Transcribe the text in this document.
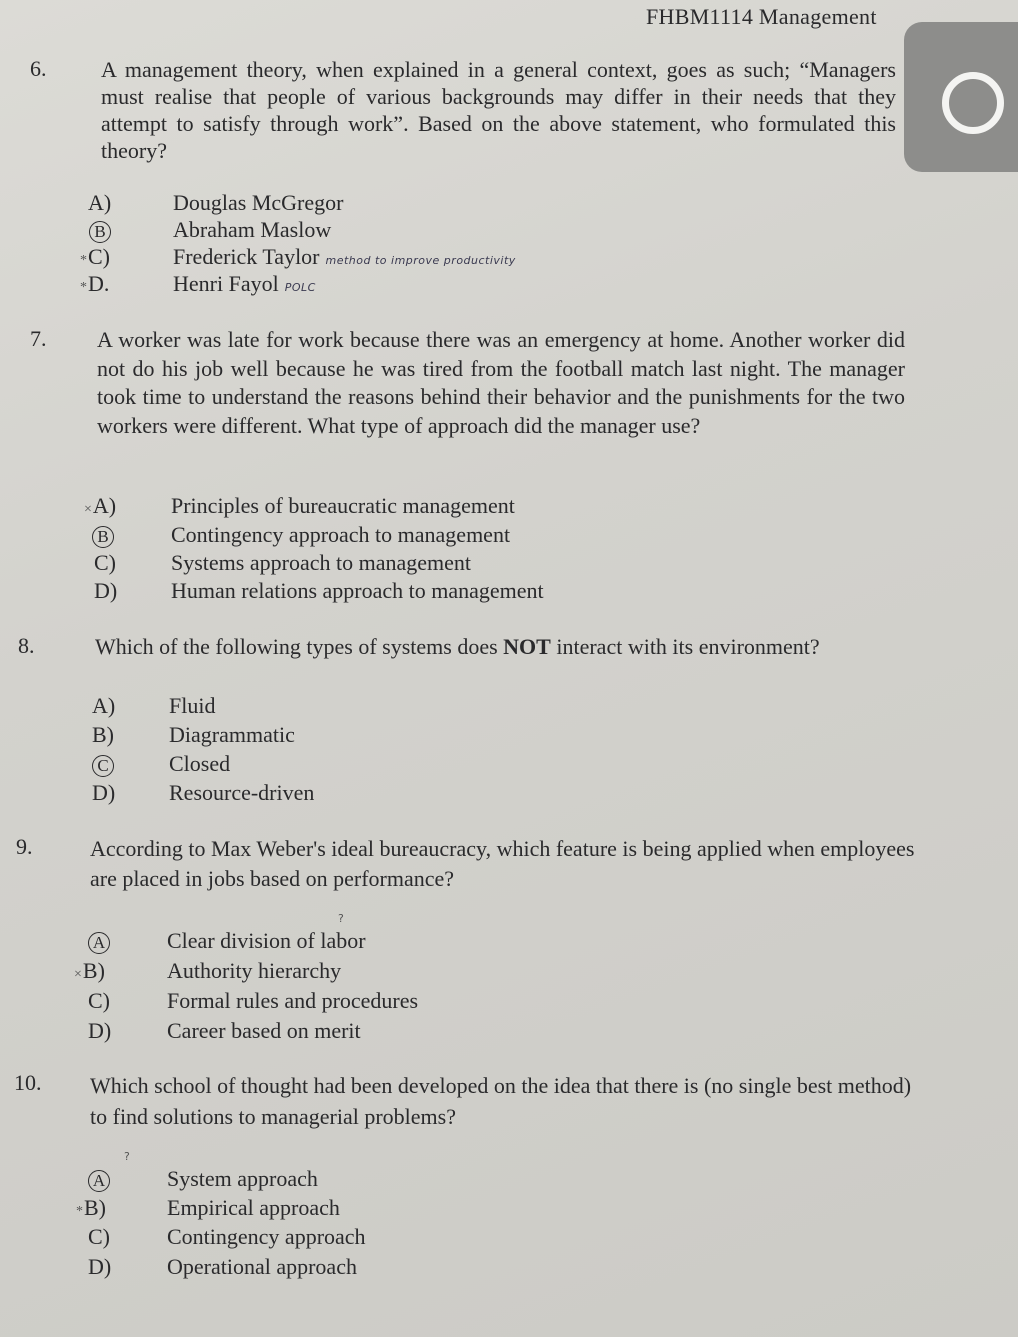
FHBM1114 Management
6. A management theory, when explained in a general context, goes as such; “Managers must realise that people of various backgrounds may differ in their needs that they attempt to satisfy through work”. Based on the above statement, who formulated this theory?
A)	Douglas McGregor
B	Abraham Maslow
*C)	Frederick Taylor method to improve productivity
*D.	Henri Fayol POLC
7. A worker was late for work because there was an emergency at home. Another worker did not do his job well because he was tired from the football match last night. The manager took time to understand the reasons behind their behavior and the punishments for the two workers were different. What type of approach did the manager use?
×A)	Principles of bureaucratic management
B	Contingency approach to management
C)	Systems approach to management
D)	Human relations approach to management
8.	Which of the following types of systems does NOT interact with its environment?
A)	Fluid
B)	Diagrammatic
C	Closed
D)	Resource-driven
9.	According to Max Weber's ideal bureaucracy, which feature is being applied when employees are placed in jobs based on performance?
?
A	Clear division of labor
×B)	Authority hierarchy
C)	Formal rules and procedures
D)	Career based on merit
10. Which school of thought had been developed on the idea that there is (no single best method) to find solutions to managerial problems?
?
A	System approach
*B)	Empirical approach
C)	Contingency approach
D)	Operational approach
